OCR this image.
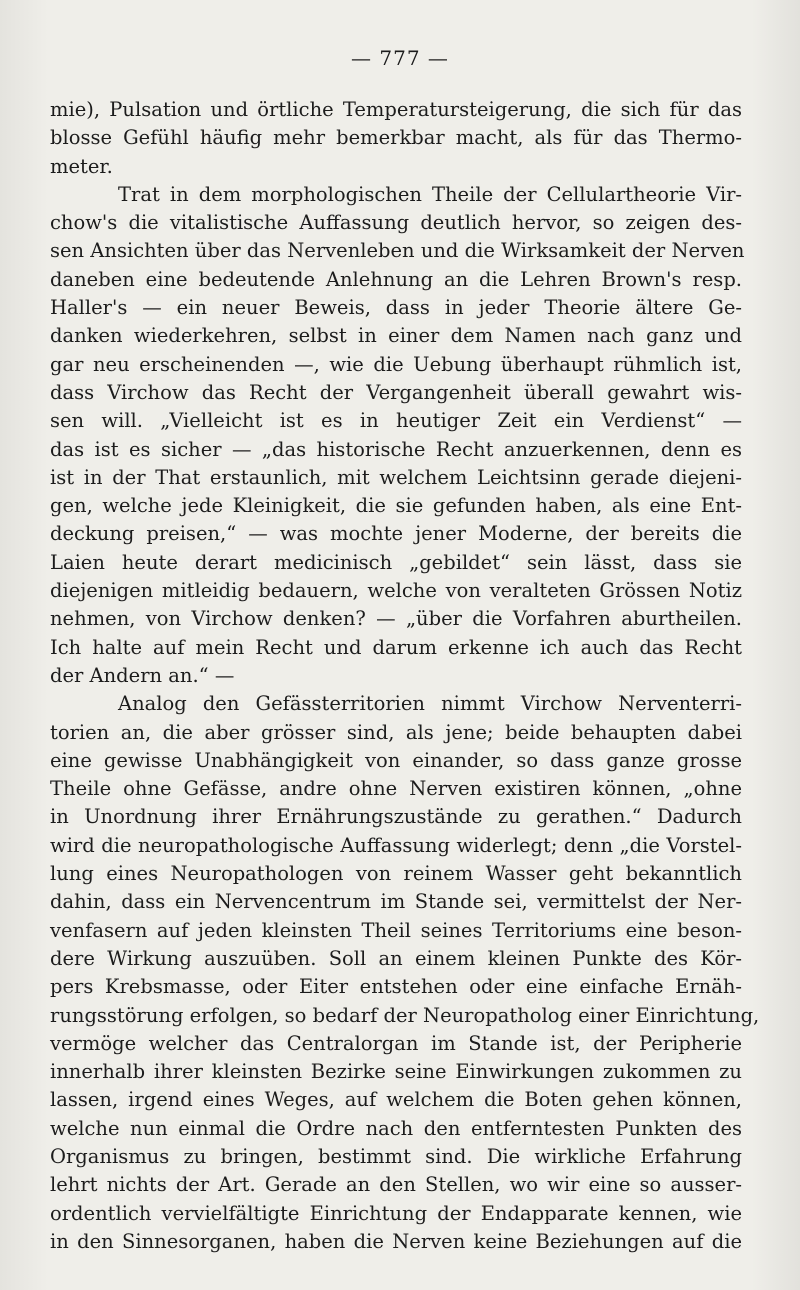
— 777 —
mie), Pulsation und örtliche Temperatursteigerung, die sich für das
blosse Gefühl häufig mehr bemerkbar macht, als für das Thermo-
meter.
Trat in dem morphologischen Theile der Cellulartheorie Vir-
chow's die vitalistische Auffassung deutlich hervor, so zeigen des-
sen Ansichten über das Nervenleben und die Wirksamkeit der Nerven
daneben eine bedeutende Anlehnung an die Lehren Brown's resp.
Haller's — ein neuer Beweis, dass in jeder Theorie ältere Ge-
danken wiederkehren, selbst in einer dem Namen nach ganz und
gar neu erscheinenden —, wie die Uebung überhaupt rühmlich ist,
dass Virchow das Recht der Vergangenheit überall gewahrt wis-
sen will. „Vielleicht ist es in heutiger Zeit ein Verdienst“ —
das ist es sicher — „das historische Recht anzuerkennen, denn es
ist in der That erstaunlich, mit welchem Leichtsinn gerade diejeni-
gen, welche jede Kleinigkeit, die sie gefunden haben, als eine Ent-
deckung preisen,“ — was mochte jener Moderne, der bereits die
Laien heute derart medicinisch „gebildet“ sein lässt, dass sie
diejenigen mitleidig bedauern, welche von veralteten Grössen Notiz
nehmen, von Virchow denken? — „über die Vorfahren aburtheilen.
Ich halte auf mein Recht und darum erkenne ich auch das Recht
der Andern an.“ —
Analog den Gefässterritorien nimmt Virchow Nerventerri-
torien an, die aber grösser sind, als jene; beide behaupten dabei
eine gewisse Unabhängigkeit von einander, so dass ganze grosse
Theile ohne Gefässe, andre ohne Nerven existiren können, „ohne
in Unordnung ihrer Ernährungszustände zu gerathen.“ Dadurch
wird die neuropathologische Auffassung widerlegt; denn „die Vorstel-
lung eines Neuropathologen von reinem Wasser geht bekanntlich
dahin, dass ein Nervencentrum im Stande sei, vermittelst der Ner-
venfasern auf jeden kleinsten Theil seines Territoriums eine beson-
dere Wirkung auszuüben. Soll an einem kleinen Punkte des Kör-
pers Krebsmasse, oder Eiter entstehen oder eine einfache Ernäh-
rungsstörung erfolgen, so bedarf der Neuropatholog einer Einrichtung,
vermöge welcher das Centralorgan im Stande ist, der Peripherie
innerhalb ihrer kleinsten Bezirke seine Einwirkungen zukommen zu
lassen, irgend eines Weges, auf welchem die Boten gehen können,
welche nun einmal die Ordre nach den entferntesten Punkten des
Organismus zu bringen, bestimmt sind. Die wirkliche Erfahrung
lehrt nichts der Art. Gerade an den Stellen, wo wir eine so ausser-
ordentlich vervielfältigte Einrichtung der Endapparate kennen, wie
in den Sinnesorganen, haben die Nerven keine Beziehungen auf die
